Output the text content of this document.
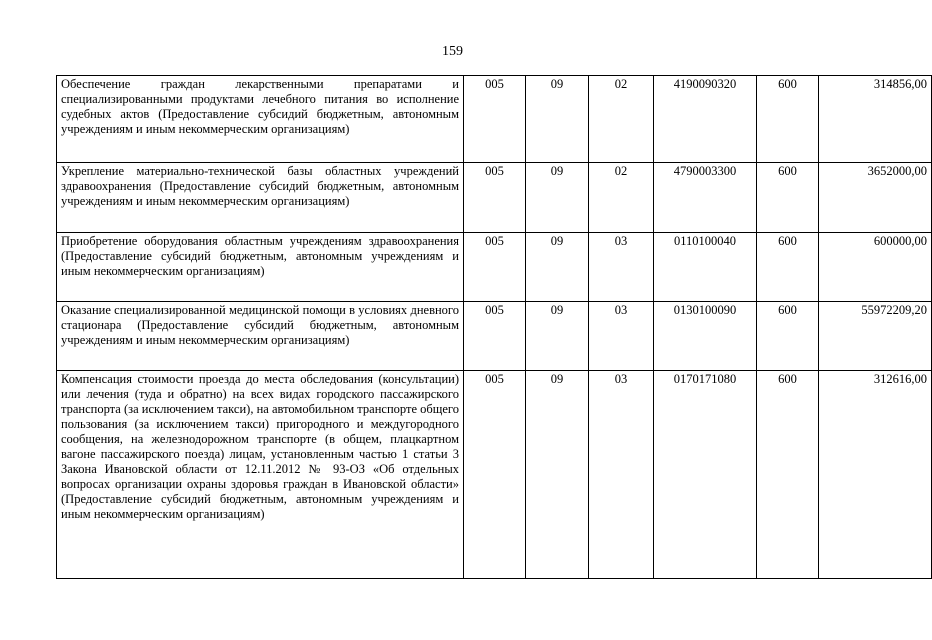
159
Обеспечение граждан лекарственными препаратами и специализированными продуктами лечебного питания во исполнение судебных актов (Предоставление субсидий бюджетным, автономным учреждениям и иным некоммерческим организациям)	005	09	02	4190090320	600	314856,00
Укрепление материально-технической базы областных учреждений здравоохранения (Предоставление субсидий бюджетным, автономным учреждениям и иным некоммерческим организациям)	005	09	02	4790003300	600	3652000,00
Приобретение оборудования областным учреждениям здравоохранения (Предоставление субсидий бюджетным, автономным учреждениям и иным некоммерческим организациям)	005	09	03	0110100040	600	600000,00
Оказание специализированной медицинской помощи в условиях дневного стационара (Предоставление субсидий бюджетным, автономным учреждениям и иным некоммерческим организациям)	005	09	03	0130100090	600	55972209,20
Компенсация стоимости проезда до места обследования (консультации) или лечения (туда и обратно) на всех видах городского пассажирского транспорта (за исключением такси), на автомобильном транспорте общего пользования (за исключением такси) пригородного и междугородного сообщения, на железнодорожном транспорте (в общем, плацкартном вагоне пассажирского поезда) лицам, установленным частью 1 статьи 3 Закона Ивановской области от 12.11.2012 № 93-ОЗ «Об отдельных вопросах организации охраны здоровья граждан в Ивановской области» (Предоставление субсидий бюджетным, автономным учреждениям и иным некоммерческим организациям)	005	09	03	0170171080	600	312616,00
